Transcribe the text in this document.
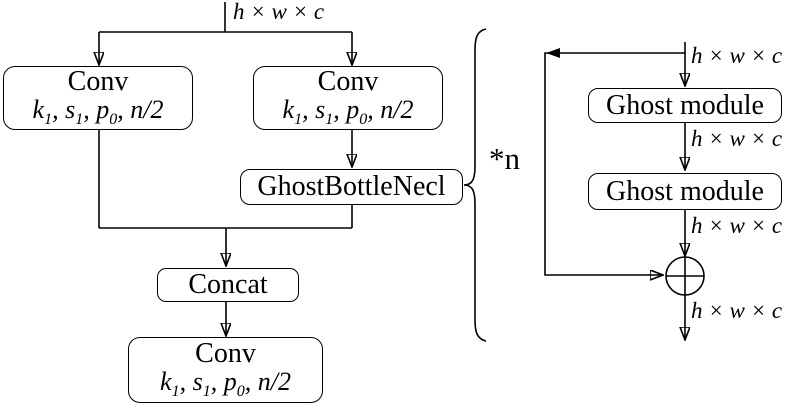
h × w × c
Conv
$k_1$, $s_1$, $p_0$, n/2
Conv
$k_1$, $s_1$, $p_0$, n/2
GhostBottleNecl
Concat
Conv
$k_1$, $s_1$, $p_0$, n/2
*n
h × w × c
Ghost module
h × w × c
Ghost module
h × w × c
h × w × c
